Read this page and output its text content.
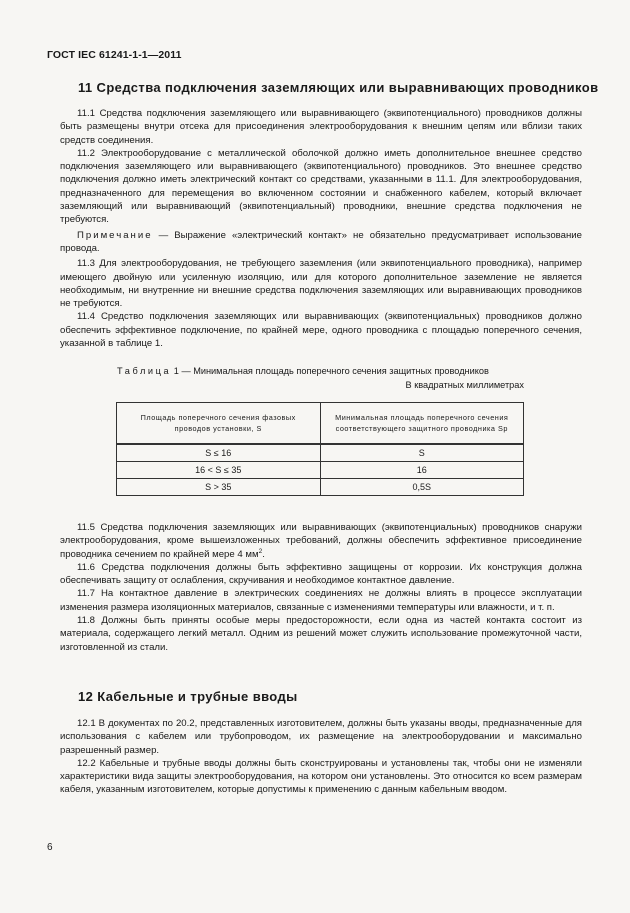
ГОСТ IEC 61241-1-1—2011
11 Средства подключения заземляющих или выравнивающих проводников

11.1 Средства подключения заземляющего или выравнивающего (эквипотенциального) проводников должны быть размещены внутри отсека для присоединения электрооборудования к внешним цепям или вблизи таких средств соединения.

11.2 Электрооборудование с металлической оболочкой должно иметь дополнительное внешнее средство подключения заземляющего или выравнивающего (эквипотенциального) проводников. Это внешнее средство подключения должно иметь электрический контакт со средствами, указанными в 11.1. Для электрооборудования, предназначенного для перемещения во включенном состоянии и снабженного кабелем, который включает заземляющий или выравнивающий (эквипотенциальный) проводники, внешние средства подключения не требуются.

Примечание — Выражение «электрический контакт» не обязательно предусматривает использование провода.

11.3 Для электрооборудования, не требующего заземления (или эквипотенциального проводника), например имеющего двойную или усиленную изоляцию, или для которого дополнительное заземление не является необходимым, ни внутренние ни внешние средства подключения заземляющих или выравнивающих проводников не требуются.

11.4 Средство подключения заземляющих или выравнивающих (эквипотенциальных) проводников должно обеспечить эффективное подключение, по крайней мере, одного проводника с площадью поперечного сечения, указанной в таблице 1.

Таблица 1 — Минимальная площадь поперечного сечения защитных проводников
В квадратных миллиметрах
Площадь поперечного сечения фазовых проводов установки, S	Минимальная площадь поперечного сечения соответствующего защитного проводника Sp
S ≤ 16	S
16 < S ≤ 35	16
S > 35	0,5S

11.5 Средства подключения заземляющих или выравнивающих (эквипотенциальных) проводников снаружи электрооборудования, кроме вышеизложенных требований, должны обеспечить эффективное присоединение проводника сечением по крайней мере 4 $мм^2$.

11.6 Средства подключения должны быть эффективно защищены от коррозии. Их конструкция должна обеспечивать защиту от ослабления, скручивания и необходимое контактное давление.

11.7 На контактное давление в электрических соединениях не должны влиять в процессе эксплуатации изменения размера изоляционных материалов, связанные с изменениями температуры или влажности, и т. п.

11.8 Должны быть приняты особые меры предосторожности, если одна из частей контакта состоит из материала, содержащего легкий металл. Одним из решений может служить использование промежуточной части, изготовленной из стали.

12 Кабельные и трубные вводы

12.1 В документах по 20.2, представленных изготовителем, должны быть указаны вводы, предназначенные для использования с кабелем или трубопроводом, их размещение на электрооборудовании и максимально разрешенный размер.

12.2 Кабельные и трубные вводы должны быть сконструированы и установлены так, чтобы они не изменяли характеристики вида защиты электрооборудования, на котором они установлены. Это относится ко всем размерам кабеля, указанным изготовителем, которые допустимы к применению с данным кабельным вводом.

6
